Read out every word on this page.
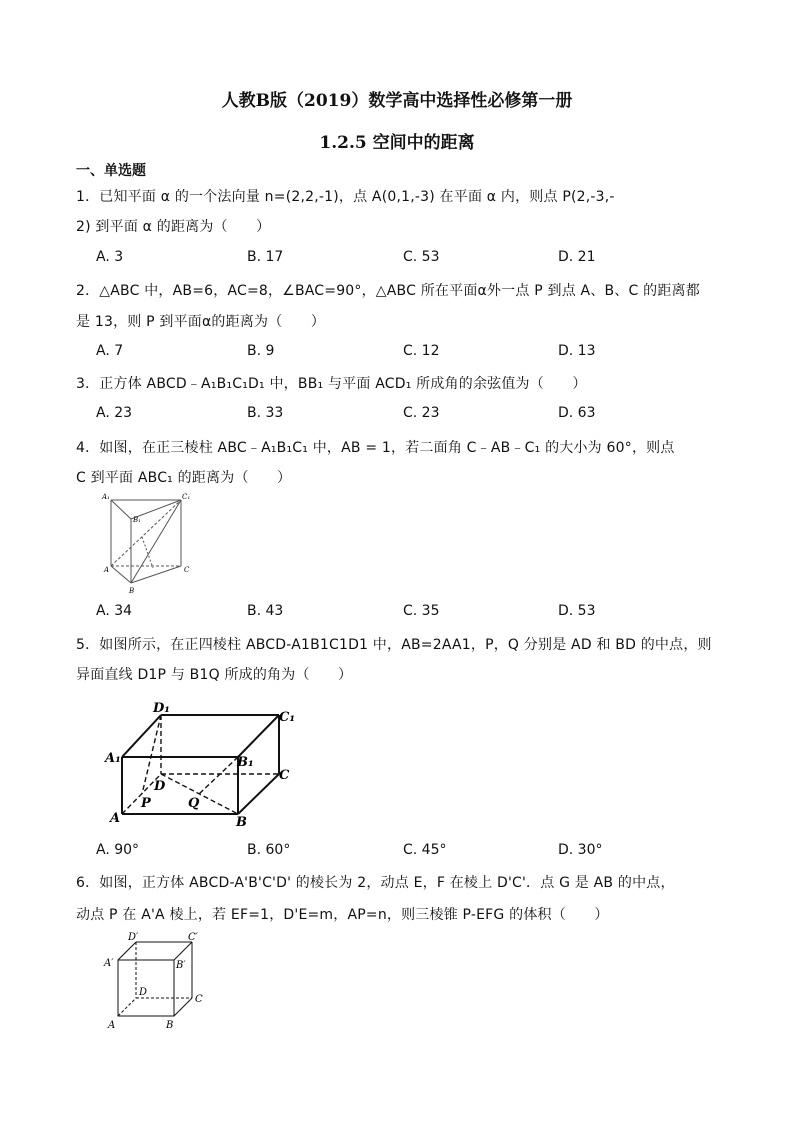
人教B版（2019）数学高中选择性必修第一册
1.2.5 空间中的距离
一、单选题
1．已知平面 α 的一个法向量 n=(2,2,-1)，点 A(0,1,-3) 在平面 α 内，则点 P(2,-3,-
2) 到平面 α 的距离为（　　）
A. 3	B. 17	C. 53	D. 21
2．△ABC 中，AB=6，AC=8，∠BAC=90°，△ABC 所在平面α外一点 P 到点 A、B、C 的距离都
是 13，则 P 到平面α的距离为（　　）
A. 7	B. 9	C. 12	D. 13
3．正方体 ABCD﹣A₁B₁C₁D₁ 中，BB₁ 与平面 ACD₁ 所成角的余弦值为（　　）
A. 23	B. 33	C. 23	D. 63
4．如图，在正三棱柱 ABC﹣A₁B₁C₁ 中，AB = 1，若二面角 C﹣AB﹣C₁ 的大小为 60°，则点
C 到平面 ABC₁ 的距离为（　　）
A₁	C₁
B₁
A	C
B
A. 34	B. 43	C. 35	D. 53
5．如图所示，在正四棱柱 ABCD-A1B1C1D1 中，AB=2AA1，P，Q 分别是 AD 和 BD 的中点，则
异面直线 D1P 与 B1Q 所成的角为（　　）
D₁
C₁
A₁	B₁
D
C
P	Q
A	B
A. 90°	B. 60°	C. 45°	D. 30°
6．如图，正方体 ABCD-A'B'C'D' 的棱长为 2，动点 E，F 在棱上 D'C'．点 G 是 AB 的中点，
动点 P 在 A'A 棱上，若 EF=1，D'E=m，AP=n，则三棱锥 P-EFG 的体积（　　）
D′	C′
A′	B′
D
C
A	B
